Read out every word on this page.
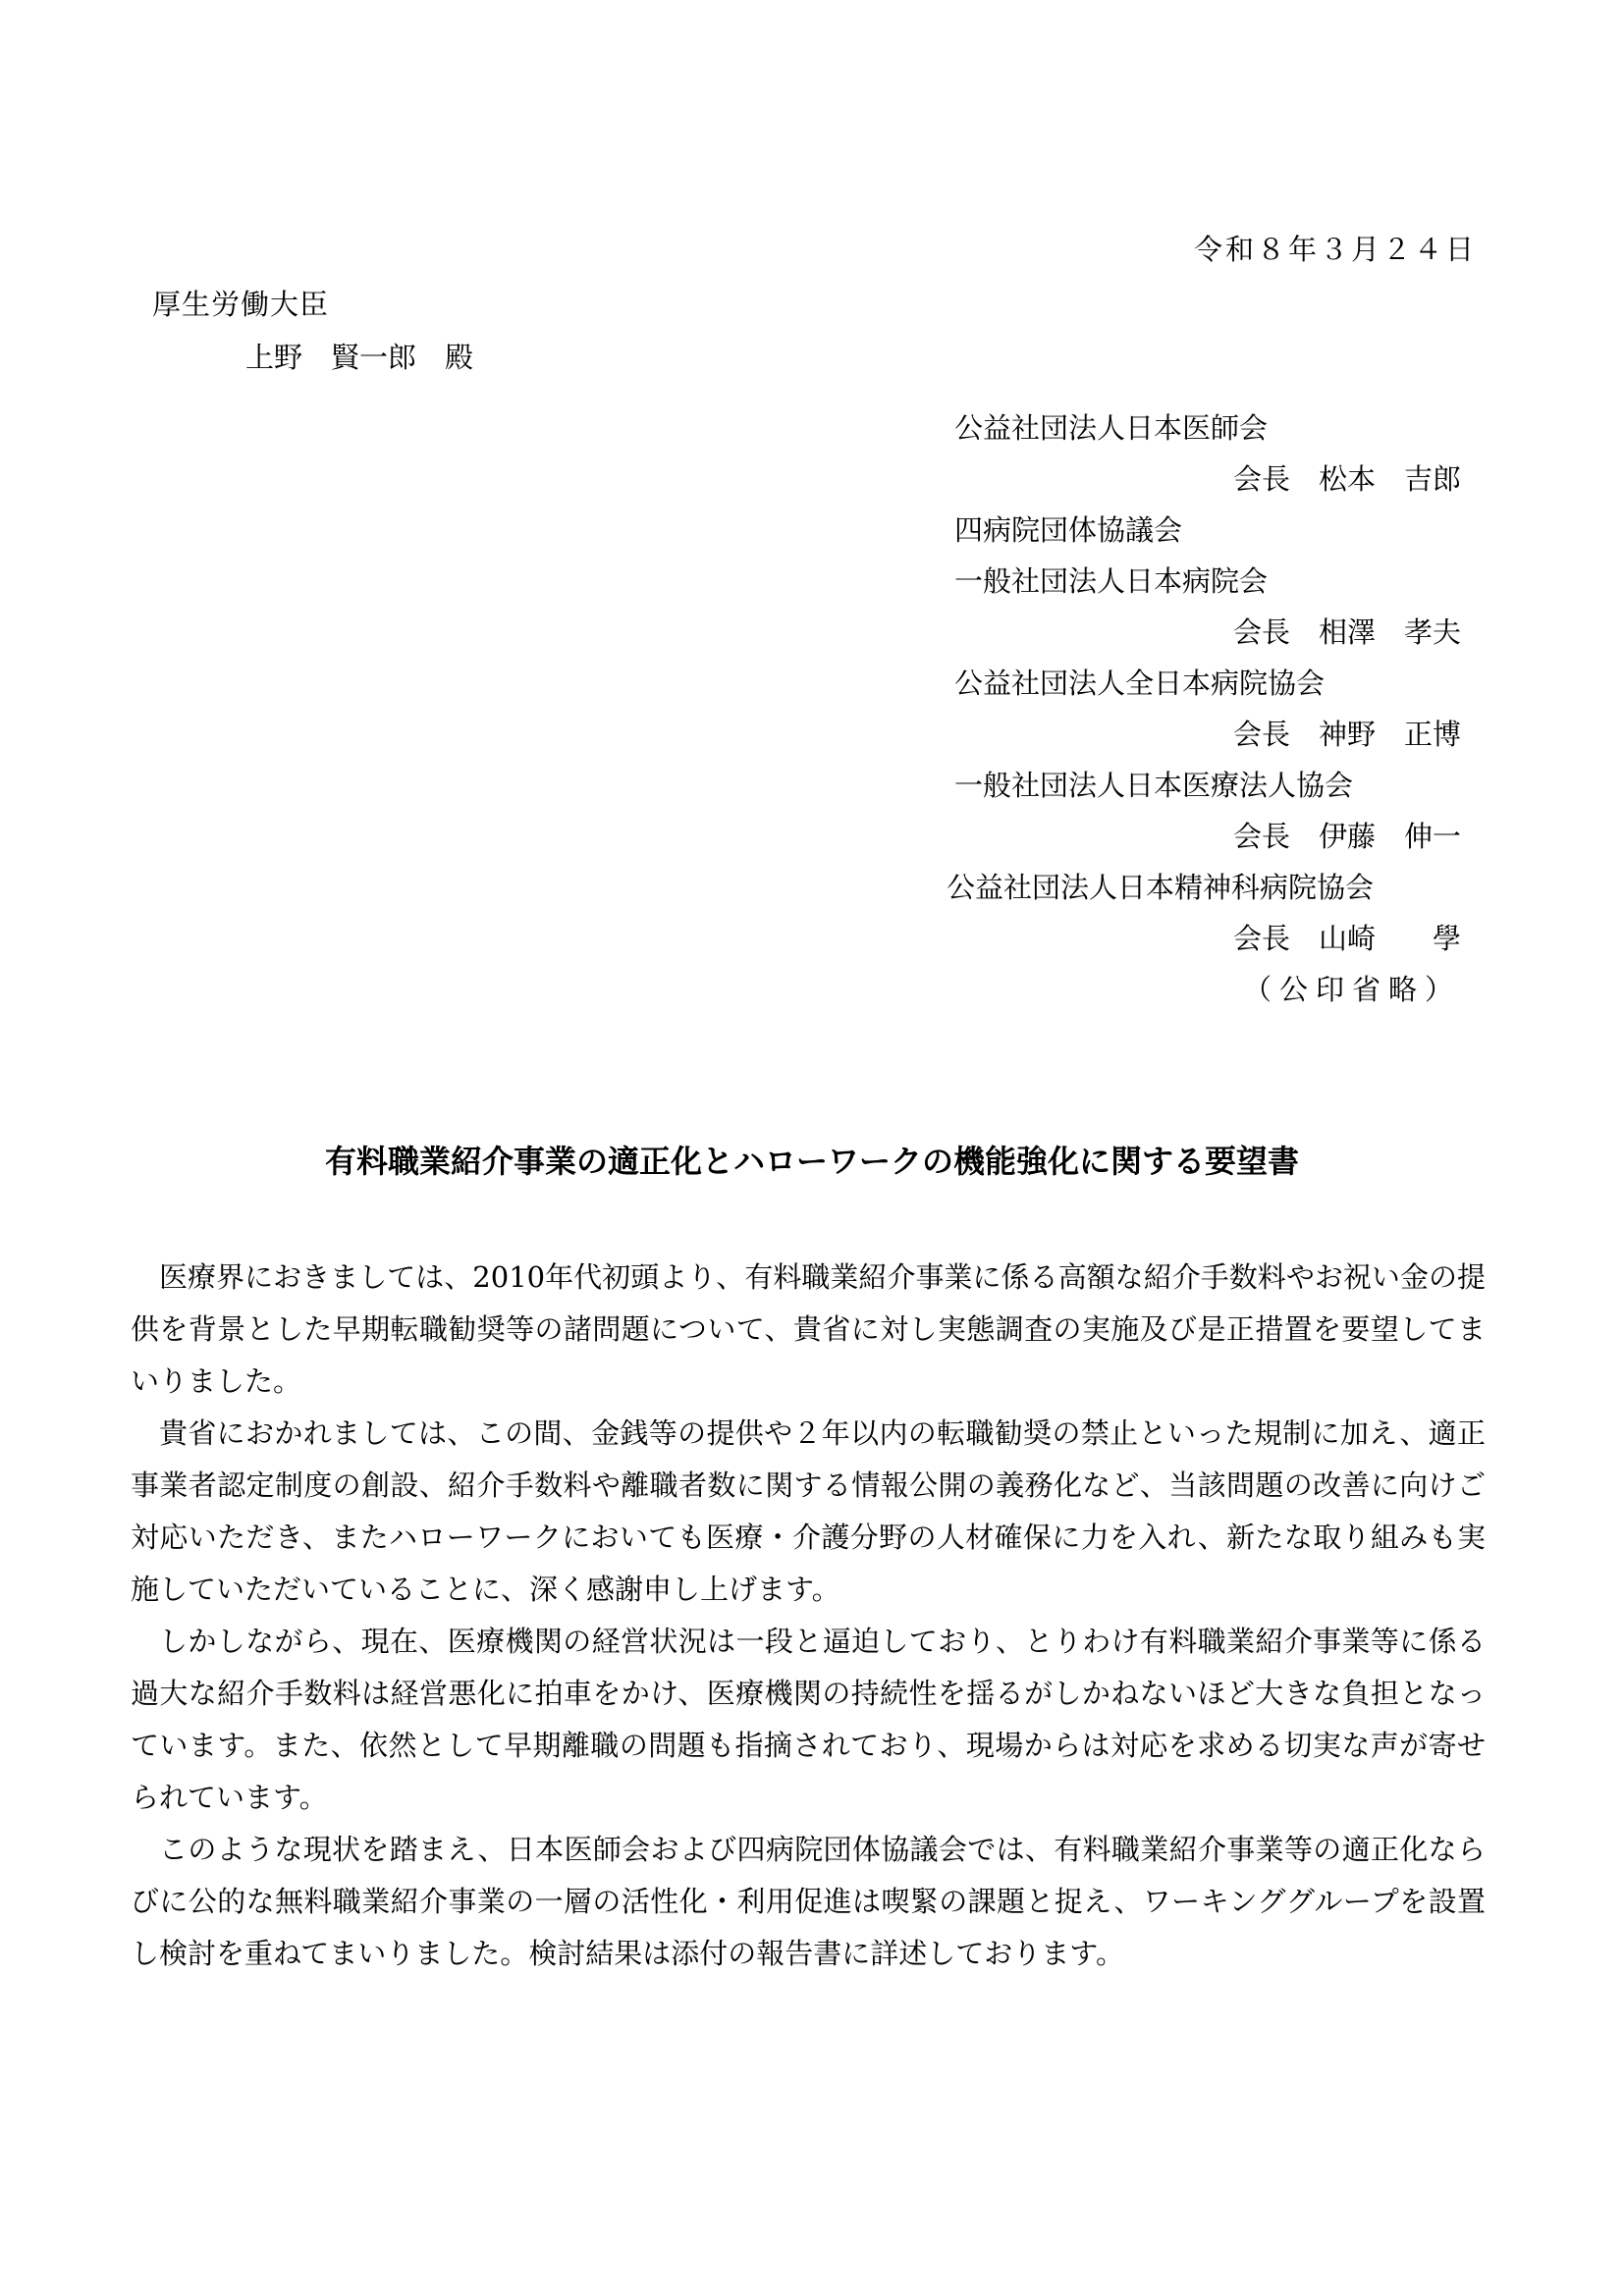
令和８年３月２４日
厚生労働大臣
上野　賢一郎　殿
公益社団法人日本医師会
会長　松本　吉郎
四病院団体協議会
一般社団法人日本病院会
会長　相澤　孝夫
公益社団法人全日本病院協会
会長　神野　正博
一般社団法人日本医療法人協会
会長　伊藤　伸一
公益社団法人日本精神科病院協会
会長　山崎　　學
（公印省略）
有料職業紹介事業の適正化とハローワークの機能強化に関する要望書

医療界におきましては、2010年代初頭より、有料職業紹介事業に係る高額な紹介手数料やお祝い金の提供を背景とした早期転職勧奨等の諸問題について、貴省に対し実態調査の実施及び是正措置を要望してまいりました。

貴省におかれましては、この間、金銭等の提供や２年以内の転職勧奨の禁止といった規制に加え、適正事業者認定制度の創設、紹介手数料や離職者数に関する情報公開の義務化など、当該問題の改善に向けご対応いただき、またハローワークにおいても医療・介護分野の人材確保に力を入れ、新たな取り組みも実施していただいていることに、深く感謝申し上げます。

しかしながら、現在、医療機関の経営状況は一段と逼迫しており、とりわけ有料職業紹介事業等に係る過大な紹介手数料は経営悪化に拍車をかけ、医療機関の持続性を揺るがしかねないほど大きな負担となっています。また、依然として早期離職の問題も指摘されており、現場からは対応を求める切実な声が寄せられています。

このような現状を踏まえ、日本医師会および四病院団体協議会では、有料職業紹介事業等の適正化ならびに公的な無料職業紹介事業の一層の活性化・利用促進は喫緊の課題と捉え、ワーキンググループを設置し検討を重ねてまいりました。検討結果は添付の報告書に詳述しております。
